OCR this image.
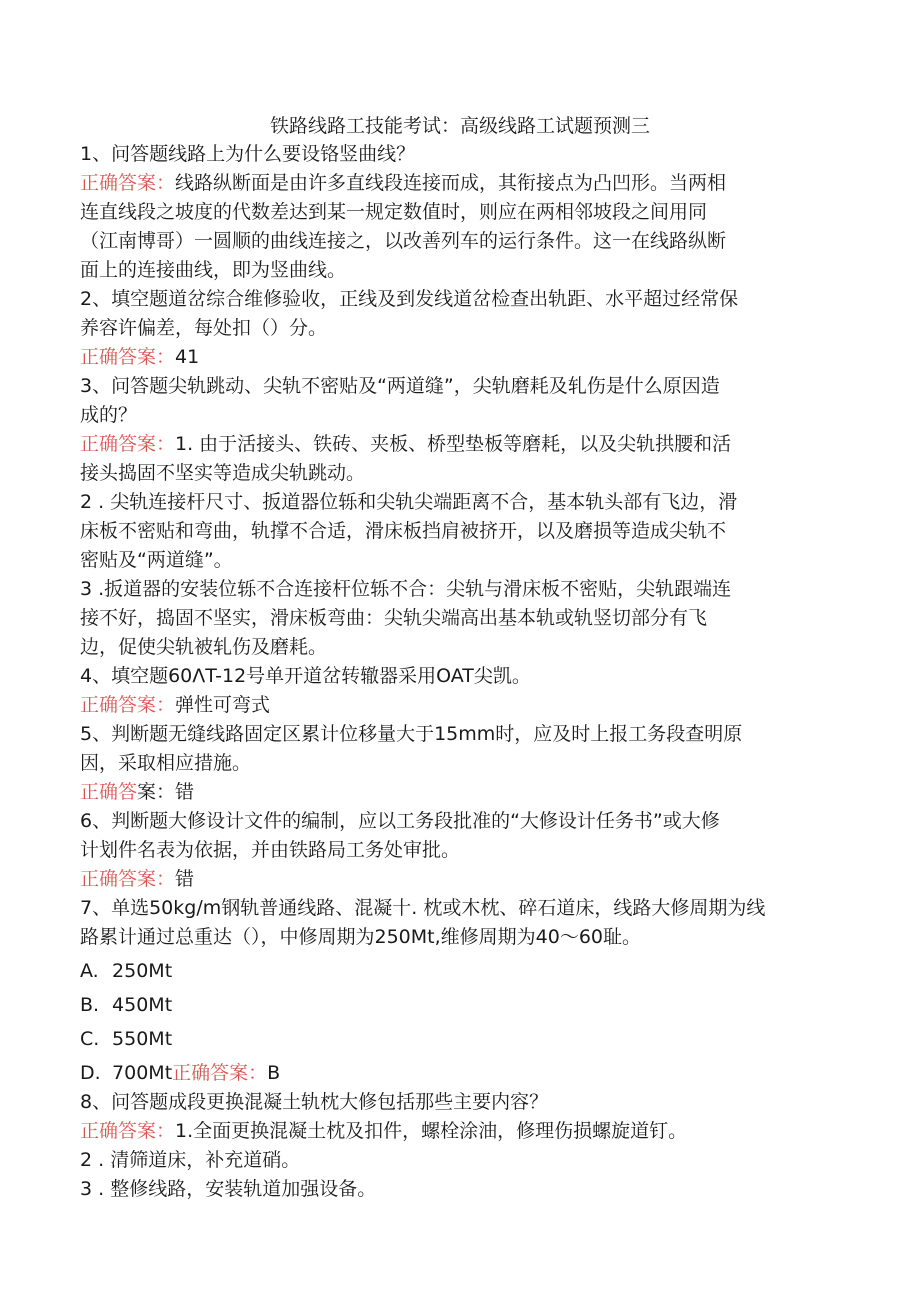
铁路线路工技能考试：高级线路工试题预测三

1、问答题线路上为什么要设铬竖曲线？

正确答案：线路纵断面是由许多直线段连接而成，其衔接点为凸凹形。当两相

连直线段之坡度的代数差达到某一规定数值时，则应在两相邻坡段之间用同

（江南博哥）一圆顺的曲线连接之，以改善列车的运行条件。这一在线路纵断

面上的连接曲线，即为竖曲线。

2、填空题道岔综合维修验收，正线及到发线道岔检查出轨距、水平超过经常保

养容许偏差，每处扣（）分。

正确答案：41

3、问答题尖轨跳动、尖轨不密贴及“两道缝”，尖轨磨耗及轧伤是什么原因造

成的？

正确答案：1. 由于活接头、铁砖、夹板、桥型垫板等磨耗，以及尖轨拱腰和活

接头捣固不坚实等造成尖轨跳动。

2 . 尖轨连接杆尺寸、扳道器位轹和尖轨尖端距离不合，基本轨头部有飞边，滑

床板不密贴和弯曲，轨撑不合适，滑床板挡肩被挤开，以及磨损等造成尖轨不

密贴及“两道缝”。

3 .扳道器的安装位轹不合连接杆位轹不合：尖轨与滑床板不密贴，尖轨跟端连

接不好，捣固不坚实，滑床板弯曲：尖轨尖端高出基本轨或轨竖切部分有飞

边，促使尖轨被轧伤及磨耗。

4、填空题60ΛT-12号单开道岔转辙器采用OAT尖凯。

正确答案：弹性可弯式

5、判断题无缝线路固定区累计位移量大于15mm时，应及时上报工务段查明原

因，采取相应措施。

正确答案：错

6、判断题大修设计文件的编制，应以工务段批准的“大修设计任务书”或大修

计划件名表为依据，并由铁路局工务处审批。

正确答案：错

7、单选50kg∕m钢轨普通线路、混凝十. 枕或木枕、碎石道床，线路大修周期为线

路累计通过总重达（），中修周期为250Mt,维修周期为40〜60耻。

A. 250Mt

B. 450Mt

C. 550Mt

D. 700Mt正确答案：B

8、问答题成段更换混凝土轨枕大修包括那些主要内容？

正确答案：1.全面更换混凝土枕及扣件，螺栓涂油，修理伤损螺旋道钉。

2 . 清筛道床，补充道硝。

3 . 整修线路，安装轨道加强设备。
